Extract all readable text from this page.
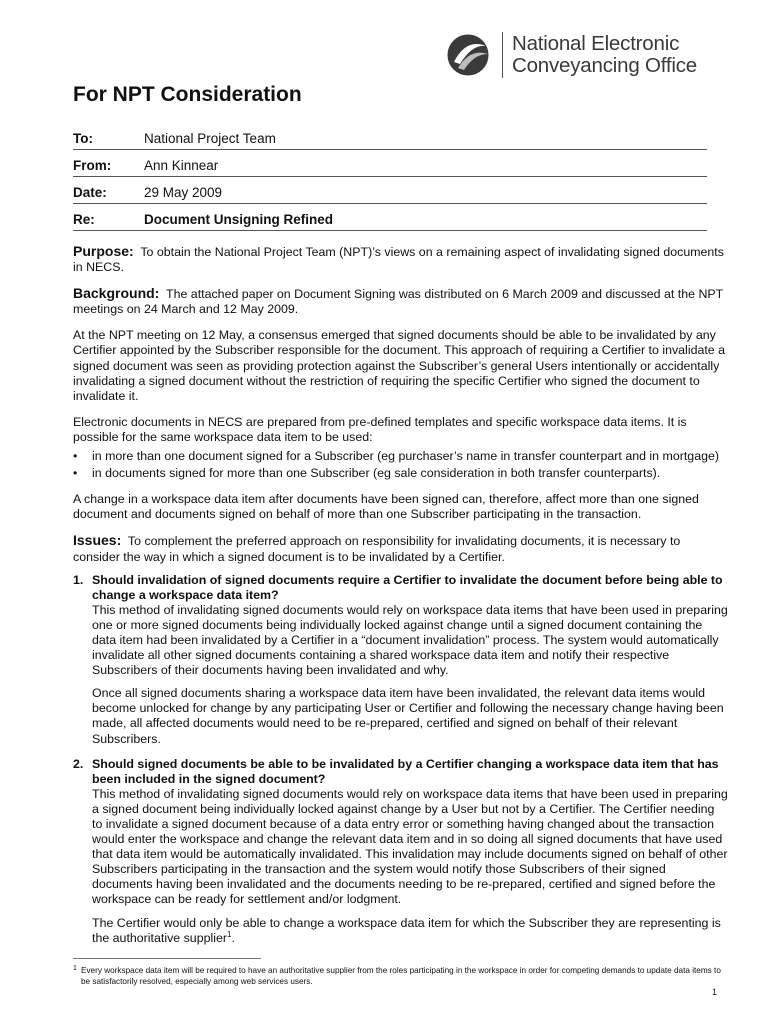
National Electronic
Conveyancing Office
For NPT Consideration
To:	National Project Team
From: Ann Kinnear
Date:	29 May 2009
Re:	Document Unsigning Refined

Purpose: To obtain the National Project Team (NPT)’s views on a remaining aspect of invalidating signed documents in NECS.

Background: The attached paper on Document Signing was distributed on 6 March 2009 and discussed at the NPT meetings on 24 March and 12 May 2009.

At the NPT meeting on 12 May, a consensus emerged that signed documents should be able to be invalidated by any Certifier appointed by the Subscriber responsible for the document. This approach of requiring a Certifier to invalidate a signed document was seen as providing protection against the Subscriber’s general Users intentionally or accidentally invalidating a signed document without the restriction of requiring the specific Certifier who signed the document to invalidate it.

Electronic documents in NECS are prepared from pre-defined templates and specific workspace data items. It is possible for the same workspace data item to be used:

• in more than one document signed for a Subscriber (eg purchaser’s name in transfer counterpart and in mortgage)
• in documents signed for more than one Subscriber (eg sale consideration in both transfer counterparts).

A change in a workspace data item after documents have been signed can, therefore, affect more than one signed document and documents signed on behalf of more than one Subscriber participating in the transaction.

Issues: To complement the preferred approach on responsibility for invalidating documents, it is necessary to consider the way in which a signed document is to be invalidated by a Certifier.

1. Should invalidation of signed documents require a Certifier to invalidate the document before being able to change a workspace data item?

This method of invalidating signed documents would rely on workspace data items that have been used in preparing one or more signed documents being individually locked against change until a signed document containing the data item had been invalidated by a Certifier in a “document invalidation” process. The system would automatically invalidate all other signed documents containing a shared workspace data item and notify their respective Subscribers of their documents having been invalidated and why.

Once all signed documents sharing a workspace data item have been invalidated, the relevant data items would become unlocked for change by any participating User or Certifier and following the necessary change having been made, all affected documents would need to be re-prepared, certified and signed on behalf of their relevant Subscribers.

2. Should signed documents be able to be invalidated by a Certifier changing a workspace data item that has been included in the signed document?

This method of invalidating signed documents would rely on workspace data items that have been used in preparing a signed document being individually locked against change by a User but not by a Certifier. The Certifier needing to invalidate a signed document because of a data entry error or something having changed about the transaction would enter the workspace and change the relevant data item and in so doing all signed documents that have used that data item would be automatically invalidated. This invalidation may include documents signed on behalf of other Subscribers participating in the transaction and the system would notify those Subscribers of their signed documents having been invalidated and the documents needing to be re-prepared, certified and signed before the workspace can be ready for settlement and/or lodgment.

The Certifier would only be able to change a workspace data item for which the Subscriber they are representing is the authoritative supplier$^1$.

1 Every workspace data item will be required to have an authoritative supplier from the roles participating in the workspace in order for competing demands to update data items to be satisfactorily resolved, especially among web services users.
1
